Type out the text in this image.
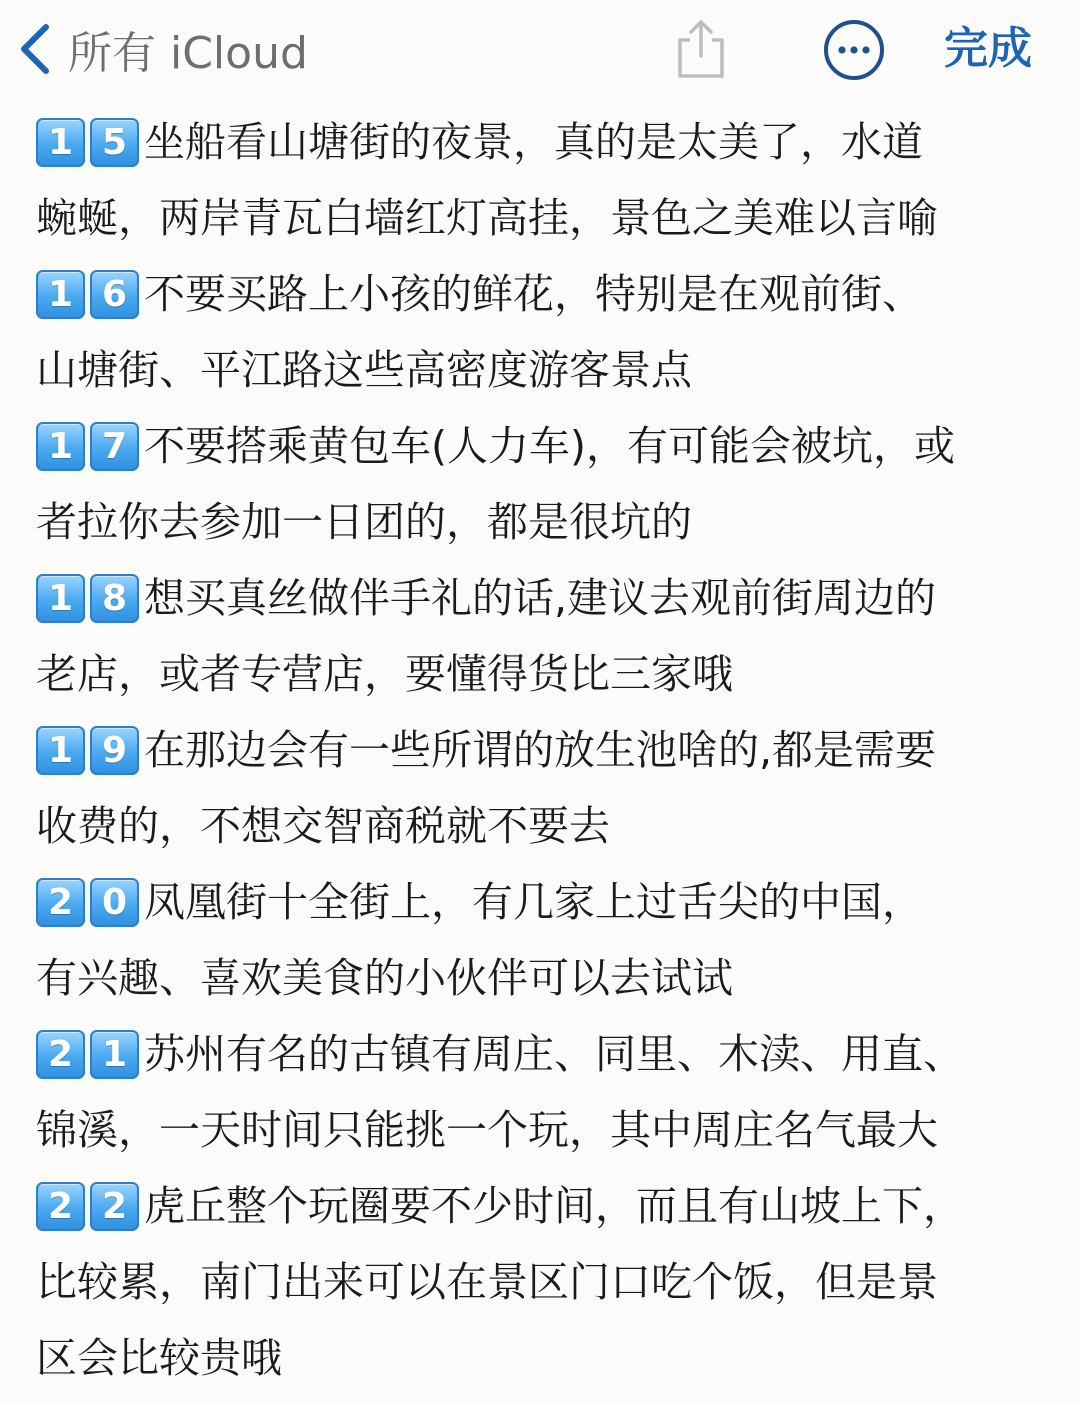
所有 iCloud	完成
1 5 坐船看山塘街的夜景，真的是太美了，水道
蜿蜒，两岸青瓦白墙红灯高挂，景色之美难以言喻
1 6 不要买路上小孩的鲜花，特别是在观前街、
山塘街、平江路这些高密度游客景点
1 7 不要搭乘黄包车(人力车)，有可能会被坑，或
者拉你去参加一日团的，都是很坑的
1 8 想买真丝做伴手礼的话,建议去观前街周边的
老店，或者专营店，要懂得货比三家哦
1 9 在那边会有一些所谓的放生池啥的,都是需要
收费的，不想交智商税就不要去
2 0 凤凰街十全街上，有几家上过舌尖的中国，
有兴趣、喜欢美食的小伙伴可以去试试
2 1 苏州有名的古镇有周庄、同里、木渎、用直、
锦溪，一天时间只能挑一个玩，其中周庄名气最大
2 2 虎丘整个玩圈要不少时间，而且有山坡上下，
比较累，南门出来可以在景区门口吃个饭，但是景
区会比较贵哦
